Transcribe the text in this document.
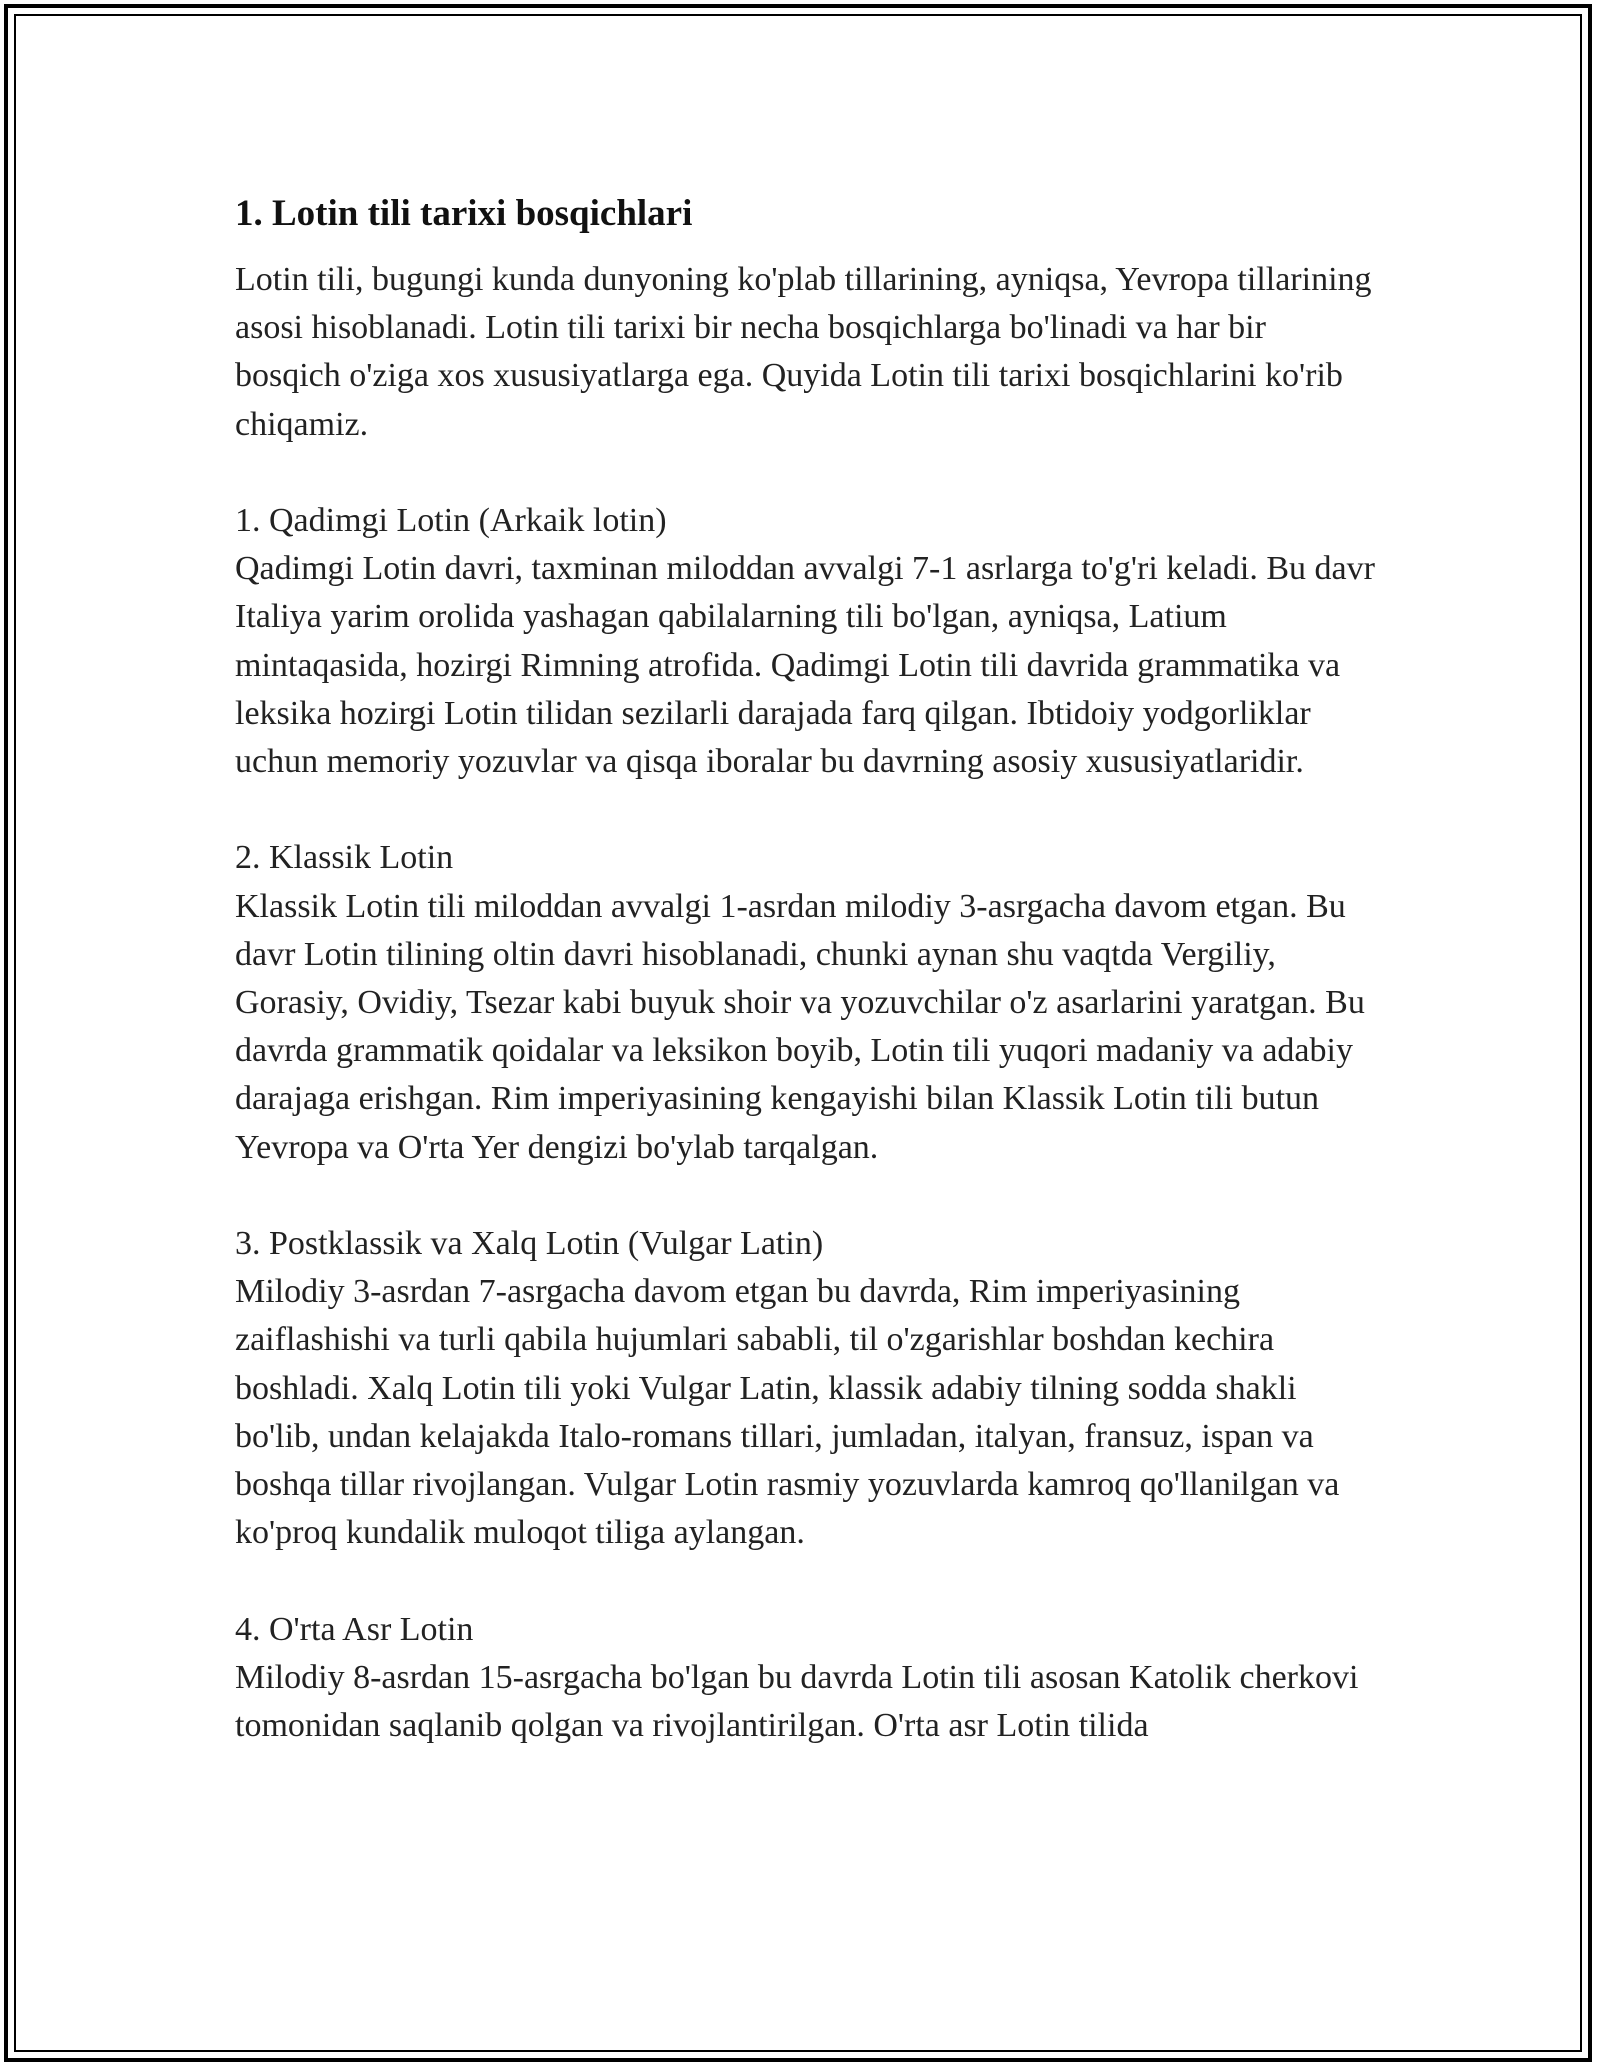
1. Lotin tili tarixi bosqichlari

Lotin tili, bugungi kunda dunyoning ko'plab tillarining, ayniqsa, Yevropa tillarining asosi hisoblanadi. Lotin tili tarixi bir necha bosqichlarga bo'linadi va har bir bosqich o'ziga xos xususiyatlarga ega. Quyida Lotin tili tarixi bosqichlarini ko'rib chiqamiz.

1. Qadimgi Lotin (Arkaik lotin)

Qadimgi Lotin davri, taxminan miloddan avvalgi 7-1 asrlarga to'g'ri keladi. Bu davr Italiya yarim orolida yashagan qabilalarning tili bo'lgan, ayniqsa, Latium mintaqasida, hozirgi Rimning atrofida. Qadimgi Lotin tili davrida grammatika va leksika hozirgi Lotin tilidan sezilarli darajada farq qilgan. Ibtidoiy yodgorliklar uchun memoriy yozuvlar va qisqa iboralar bu davrning asosiy xususiyatlaridir.

2. Klassik Lotin

Klassik Lotin tili miloddan avvalgi 1-asrdan milodiy 3-asrgacha davom etgan. Bu davr Lotin tilining oltin davri hisoblanadi, chunki aynan shu vaqtda Vergiliy, Gorasiy, Ovidiy, Tsezar kabi buyuk shoir va yozuvchilar o'z asarlarini yaratgan. Bu davrda grammatik qoidalar va leksikon boyib, Lotin tili yuqori madaniy va adabiy darajaga erishgan. Rim imperiyasining kengayishi bilan Klassik Lotin tili butun Yevropa va O'rta Yer dengizi bo'ylab tarqalgan.

3. Postklassik va Xalq Lotin (Vulgar Latin)

Milodiy 3-asrdan 7-asrgacha davom etgan bu davrda, Rim imperiyasining zaiflashishi va turli qabila hujumlari sababli, til o'zgarishlar boshdan kechira boshladi. Xalq Lotin tili yoki Vulgar Latin, klassik adabiy tilning sodda shakli bo'lib, undan kelajakda Italo-romans tillari, jumladan, italyan, fransuz, ispan va boshqa tillar rivojlangan. Vulgar Lotin rasmiy yozuvlarda kamroq qo'llanilgan va ko'proq kundalik muloqot tiliga aylangan.

4. O'rta Asr Lotin

Milodiy 8-asrdan 15-asrgacha bo'lgan bu davrda Lotin tili asosan Katolik cherkovi tomonidan saqlanib qolgan va rivojlantirilgan. O'rta asr Lotin tilida
